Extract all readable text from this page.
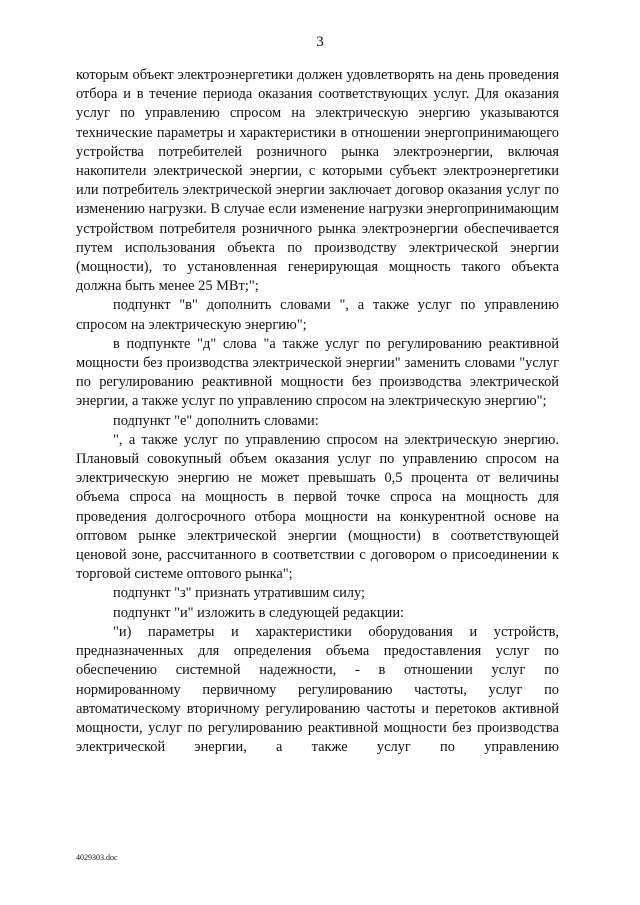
3

которым объект электроэнергетики должен удовлетворять на день проведения отбора и в течение периода оказания соответствующих услуг. Для оказания услуг по управлению спросом на электрическую энергию указываются технические параметры и характеристики в отношении энергопринимающего устройства потребителей розничного рынка электроэнергии, включая накопители электрической энергии, с которыми субъект электроэнергетики или потребитель электрической энергии заключает договор оказания услуг по изменению нагрузки. В случае если изменение нагрузки энергопринимающим устройством потребителя розничного рынка электроэнергии обеспечивается путем использования объекта по производству электрической энергии (мощности), то установленная генерирующая мощность такого объекта должна быть менее 25 МВт;";

подпункт "в" дополнить словами ", а также услуг по управлению спросом на электрическую энергию";

в подпункте "д" слова "а также услуг по регулированию реактивной мощности без производства электрической энергии" заменить словами "услуг по регулированию реактивной мощности без производства электрической энергии, а также услуг по управлению спросом на электрическую энергию";

подпункт "е" дополнить словами:

", а также услуг по управлению спросом на электрическую энергию. Плановый совокупный объем оказания услуг по управлению спросом на электрическую энергию не может превышать 0,5 процента от величины объема спроса на мощность в первой точке спроса на мощность для проведения долгосрочного отбора мощности на конкурентной основе на оптовом рынке электрической энергии (мощности) в соответствующей ценовой зоне, рассчитанного в соответствии с договором о присоединении к торговой системе оптового рынка";

подпункт "з" признать утратившим силу;

подпункт "и" изложить в следующей редакции:

"и) параметры и характеристики оборудования и устройств, предназначенных для определения объема предоставления услуг по обеспечению системной надежности, - в отношении услуг по нормированному первичному регулированию частоты, услуг по автоматическому вторичному регулированию частоты и перетоков активной мощности, услуг по регулированию реактивной мощности без производства электрической энергии, а также услуг по управлению

4029303.doc
